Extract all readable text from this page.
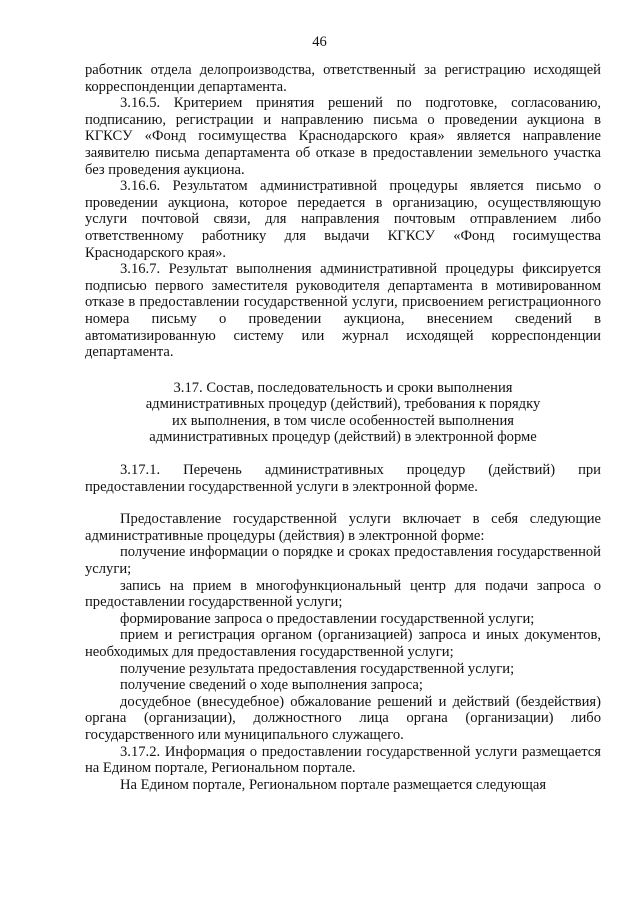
46

работник отдела делопроизводства, ответственный за регистрацию исходящей корреспонденции департамента.

3.16.5. Критерием принятия решений по подготовке, согласованию, подписанию, регистрации и направлению письма о проведении аукциона в КГКСУ «Фонд госимущества Краснодарского края» является направление заявителю письма департамента об отказе в предоставлении земельного участка без проведения аукциона.

3.16.6. Результатом административной процедуры является письмо о проведении аукциона, которое передается в организацию, осуществляющую услуги почтовой связи, для направления почтовым отправлением либо ответственному работнику для выдачи КГКСУ «Фонд госимущества Краснодарского края».

3.16.7. Результат выполнения административной процедуры фиксируется подписью первого заместителя руководителя департамента в мотивированном отказе в предоставлении государственной услуги, присвоением регистрационного номера письму о проведении аукциона, внесением сведений в автоматизированную систему или журнал исходящей корреспонденции департамента.

3.17. Состав, последовательность и сроки выполнения
административных процедур (действий), требования к порядку
их выполнения, в том числе особенностей выполнения
административных процедур (действий) в электронной форме

3.17.1. Перечень административных процедур (действий) при предоставлении государственной услуги в электронной форме.

Предоставление государственной услуги включает в себя следующие административные процедуры (действия) в электронной форме:

получение информации о порядке и сроках предоставления государственной услуги;

запись на прием в многофункциональный центр для подачи запроса о предоставлении государственной услуги;

формирование запроса о предоставлении государственной услуги;

прием и регистрация органом (организацией) запроса и иных документов, необходимых для предоставления государственной услуги;

получение результата предоставления государственной услуги;

получение сведений о ходе выполнения запроса;

досудебное (внесудебное) обжалование решений и действий (бездействия) органа (организации), должностного лица органа (организации) либо государственного или муниципального служащего.

3.17.2. Информация о предоставлении государственной услуги размещается на Едином портале, Региональном портале.

На Едином портале, Региональном портале размещается следующая
